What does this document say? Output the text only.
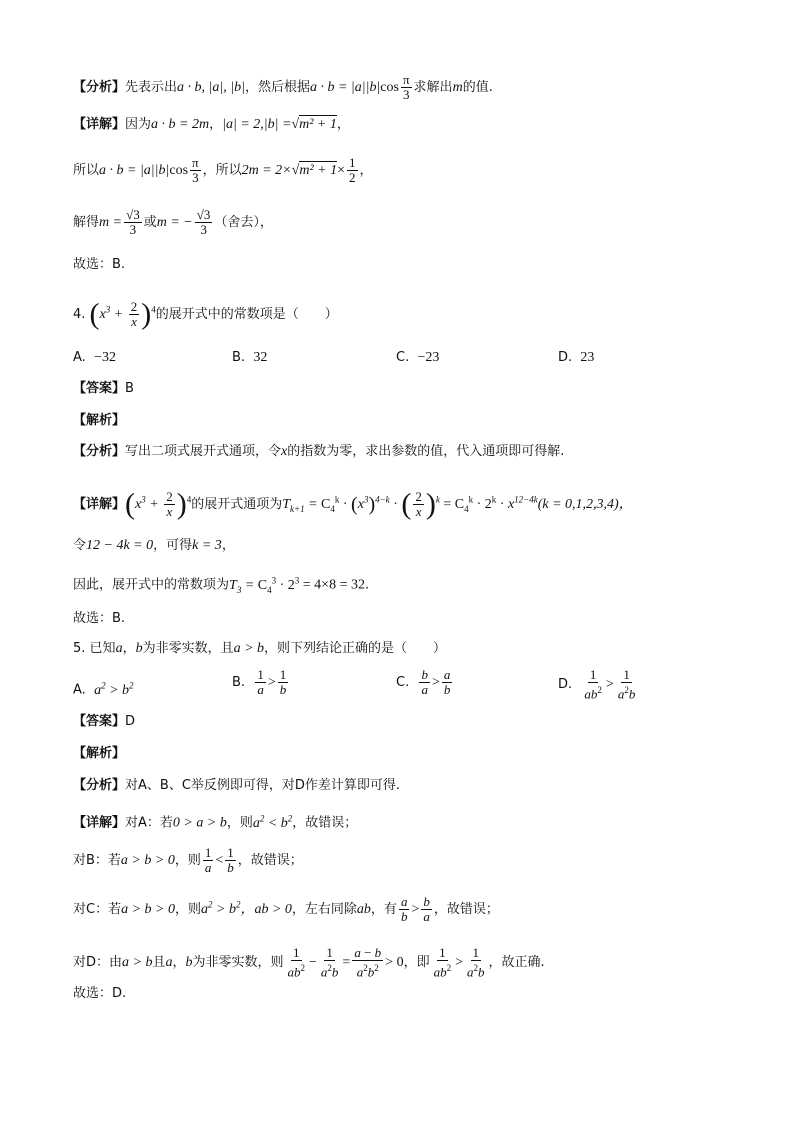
【分析】先表示出a · b, |a|, |b|，然后根据$a \cdot b = |a||b|\cos \frac{\pi}{3}$ 求解出m的值.
【详解】因为a · b = 2m，|a| = 2,|b| =√m² + 1，
所以$a \cdot b = |a||b|\cos \frac{\pi}{3}$ ，所以$2m = 2\times√m^2 + 1\times \frac{1}{2}$ ，
解得$m = \frac{√3}{3}$ 或m = − $\frac{√3}{3}$ （舍去），
故选：B.
4. $(x^3 + \frac{2}{x} )^4$的展开式中的常数项是（　　）
A. −32	B. 32	C. −23	D. 23
【答案】B
【解析】
【分析】写出二项式展开式通项，令x的指数为零，求出参数的值，代入通项即可得解.
【详解】$(x^3 + \frac{2}{x} )^4$的展开式通项为$T_{k+1} = C_4^k \cdot (x^3)^{4-k}$ · ( $\frac{2}{x} )^k = C_4^k \cdot 2^k \cdot x^{12-4k}(k = 0,1,2,3,4)$，
令12 − 4k = 0，可得k = 3，
因此，展开式中的常数项为$T_3 = C_4^3 \cdot 2^3 = 4\times 8 = 32$.
故选：B.
5. 已知a，b为非零实数，且a > b，则下列结论正确的是（　　）
A. $a^2 > b^2$	B. $\frac{1}{a} > \frac{1}{b}$	C. $\frac{b}{a} > \frac{a}{b}$	D. $\frac{1}{ab^2} > \frac{1}{a^2b}$
【答案】D
【解析】
【分析】对A、B、C举反例即可得，对D作差计算即可得.
【详解】对A：若0 > a > b，则$a^2 < b^2$，故错误；
对B：若a > b > 0，则 $\frac{1}{a} < \frac{1}{b}$ ，故错误；
对C：若a > b > 0，则$a^2 > b^2$，ab > 0，左右同除ab，有 $\frac{a}{b} > \frac{b}{a}$ ，故错误；
对D：由a > b且a，b为非零实数，则 $\frac{1}{ab^2} - \frac{1}{a^2b} = \frac{a - b}{a^2b^2} > 0$，即 $\frac{1}{ab^2} > \frac{1}{a^2b}$ ，故正确.
故选：D.
